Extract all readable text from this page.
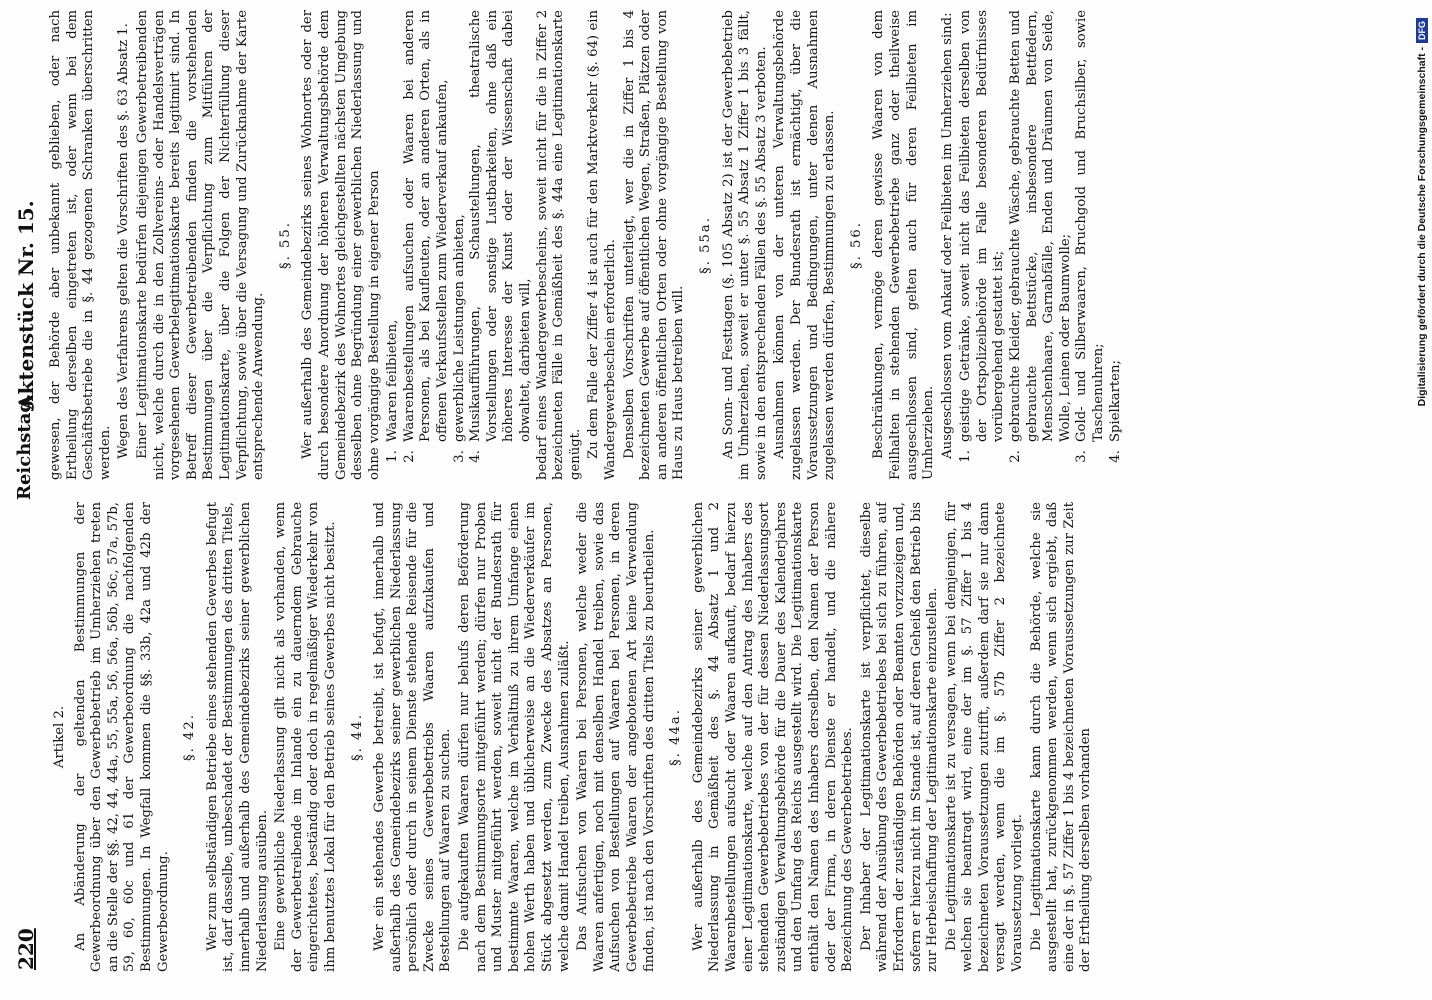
220
Reichstag.
Aktenstück Nr. 15.
Artikel 2. An Abänderung der geltenden Bestimmungen der Gewerbeordnung über den Gewerbebetrieb im Umherziehen treten an die Stelle der §§. 42, 44, 44a, 55, 55a, 56, 56a, 56b, 56c, 57a, 57b, 59, 60, 60c und 61 der Gewerbeordnung die nachfolgenden Bestimmungen. In Wegfall kommen die §§. 33b, 42a und 42b der Gewerbeordnung.

§. 42. Wer zum selbständigen Betriebe eines stehenden Gewerbes befugt ist, darf dasselbe, unbeschadet der Bestimmungen des dritten Titels, innerhalb und außerhalb des Gemeindebezirks seiner gewerblichen Niederlassung ausüben. Eine gewerbliche Niederlassung gilt nicht als vorhanden, wenn der Gewerbetreibende im Inlande ein zu dauerndem Gebrauche eingerichtetes, beständig oder doch in regelmäßiger Wiederkehr von ihm benutztes Lokal für den Betrieb seines Gewerbes nicht besitzt. §. 44. Wer ein stehendes Gewerbe betreibt, ist befugt, innerhalb und außerhalb des Gemeindebezirks seiner gewerblichen Niederlassung persönlich oder durch in seinem Dienste stehende Reisende für die Zwecke seines Gewerbebetriebs Waaren aufzukaufen und Bestellungen auf Waaren zu suchen. Die aufgekauften Waaren dürfen nur behufs deren Beförderung nach dem Bestimmungsorte mitgeführt werden; dürfen nur Proben und Muster mitgeführt werden, soweit nicht der Bundesrath für bestimmte Waaren, welche im Verhältniß zu ihrem Umfange einen hohen Werth haben und üblicherweise an die Wiederverkäufer im Stück abgesetzt werden, zum Zwecke des Absatzes an Personen, welche damit Handel treiben, Ausnahmen zuläßt. Das Aufsuchen von Waaren bei Personen, welche weder die Waaren anfertigen, noch mit denselben Handel treiben, sowie das Aufsuchen von Bestellungen auf Waaren bei Personen, in deren Gewerbebetriebe Waaren der angebotenen Art keine Verwendung finden, ist nach den Vorschriften des dritten Titels zu beurtheilen. §. 44a. Wer außerhalb des Gemeindebezirks seiner gewerblichen Niederlassung in Gemäßheit des §. 44 Absatz 1 und 2 Waarenbestellungen aufsucht oder Waaren aufkauft, bedarf hierzu einer Legitimationskarte, welche auf den Antrag des Inhabers des stehenden Gewerbebetriebes von der für dessen Niederlassungsort zuständigen Verwaltungsbehörde für die Dauer des Kalenderjahres und den Umfang des Reichs ausgestellt wird. Die Legitimationskarte enthält den Namen des Inhabers derselben, den Namen der Person oder der Firma, in deren Dienste er handelt, und die nähere Bezeichnung des Gewerbebetriebes. Der Inhaber der Legitimationskarte ist verpflichtet, dieselbe während der Ausübung des Gewerbebetriebes bei sich zu führen, auf Erfordern der zuständigen Behörden oder Beamten vorzuzeigen und, sofern er hierzu nicht im Stande ist, auf deren Geheiß den Betrieb bis zur Herbeischaffung der Legitimationskarte einzustellen. Die Legitimationskarte ist zu versagen, wenn bei demjenigen, für welchen sie beantragt wird, eine der im §. 57 Ziffer 1 bis 4 bezeichneten Voraussetzungen zutrifft, außerdem darf sie nur dann versagt werden, wenn die im §. 57b Ziffer 2 bezeichnete Voraussetzung vorliegt. Die Legitimationskarte kann durch die Behörde, welche sie ausgestellt hat, zurückgenommen werden, wenn sich ergiebt, daß eine der in §. 57 Ziffer 1 bis 4 bezeichneten Voraussetzungen zur Zeit der Ertheilung derselben vorhanden

gewesen, der Behörde aber unbekannt geblieben, oder nach Ertheilung derselben eingetreten ist, oder wenn bei dem Geschäftsbetriebe die in §. 44 gezogenen Schranken überschritten werden. Wegen des Verfahrens gelten die Vorschriften des §. 63 Absatz 1. Einer Legitimationskarte bedürfen diejenigen Gewerbetreibenden nicht, welche durch die in den Zollvereins- oder Handelsverträgen vorgesehenen Gewerbelegitimationskarte bereits legitimirt sind. In Betreff dieser Gewerbetreibenden finden die vorstehenden Bestimmungen über die Verpflichtung zum Mitführen der Legitimationskarte, über die Folgen der Nichterfüllung dieser Verpflichtung, sowie über die Versagung und Zurücknahme der Karte entsprechende Anwendung.

§. 55. Wer außerhalb des Gemeindebezirks seines Wohnortes oder der durch besondere Anordnung der höheren Verwaltungsbehörde dem Gemeindebezirk des Wohnortes gleichgestellten nächsten Umgebung desselben ohne Begründung einer gewerblichen Niederlassung und ohne vorgängige Bestellung in eigener Person 1. Waaren feilbieten, 2. Waarenbestellungen aufsuchen oder Waaren bei anderen Personen, als bei Kaufleuten, oder an anderen Orten, als in offenen Verkaufsstellen zum Wiederverkauf ankaufen, 3. gewerbliche Leistungen anbieten, 4. Musikaufführungen, Schaustellungen, theatralische Vorstellungen oder sonstige Lustbarkeiten, ohne daß ein höheres Interesse der Kunst oder der Wissenschaft dabei obwaltet, darbieten will, bedarf eines Wandergewerbescheins, soweit nicht für die in Ziffer 2 bezeichneten Fälle in Gemäßheit des §. 44a eine Legitimationskarte genügt. Zu dem Falle der Ziffer 4 ist auch für den Marktverkehr (§. 64) ein Wandergewerbeschein erforderlich. Denselben Vorschriften unterliegt, wer die in Ziffer 1 bis 4 bezeichneten Gewerbe auf öffentlichen Wegen, Straßen, Plätzen oder an anderen öffentlichen Orten oder ohne vorgängige Bestellung von Haus zu Haus betreiben will.

§. 55a. An Sonn- und Festtagen (§. 105 Absatz 2) ist der Gewerbebetrieb im Umherziehen, soweit er unter §. 55 Absatz 1 Ziffer 1 bis 3 fällt, sowie in den entsprechenden Fällen des §. 55 Absatz 3 verboten. Ausnahmen können von der unteren Verwaltungsbehörde zugelassen werden. Der Bundesrath ist ermächtigt, über die Voraussetzungen und Bedingungen, unter denen Ausnahmen zugelassen werden dürfen, Bestimmungen zu erlassen. §. 56. Beschränkungen, vermöge deren gewisse Waaren von dem Feilhalten in stehenden Gewerbebetriebe ganz oder theilweise ausgeschlossen sind, gelten auch für deren Feilbieten im Umherziehen. Ausgeschlossen vom Ankauf oder Feilbieten im Umherziehen sind: 1. geistige Getränke, soweit nicht das Feilbieten derselben von der Ortspolizeibehörde im Falle besonderen Bedürfnisses vorübergehend gestattet ist; 2. gebrauchte Kleider, gebrauchte Wäsche, gebrauchte Betten und gebrauchte Bettstücke, insbesondere Bettfedern, Menschenhaare, Garnabfälle, Enden und Dräumen von Seide, Wolle, Leinen oder Baumwolle; 3. Gold- und Silberwaaren, Bruchgold und Bruchsilber, sowie Taschenuhren; 4. Spielkarten;	Digitalisierung gefördert durch die Deutsche Forschungsgemeinschaft -DFG
